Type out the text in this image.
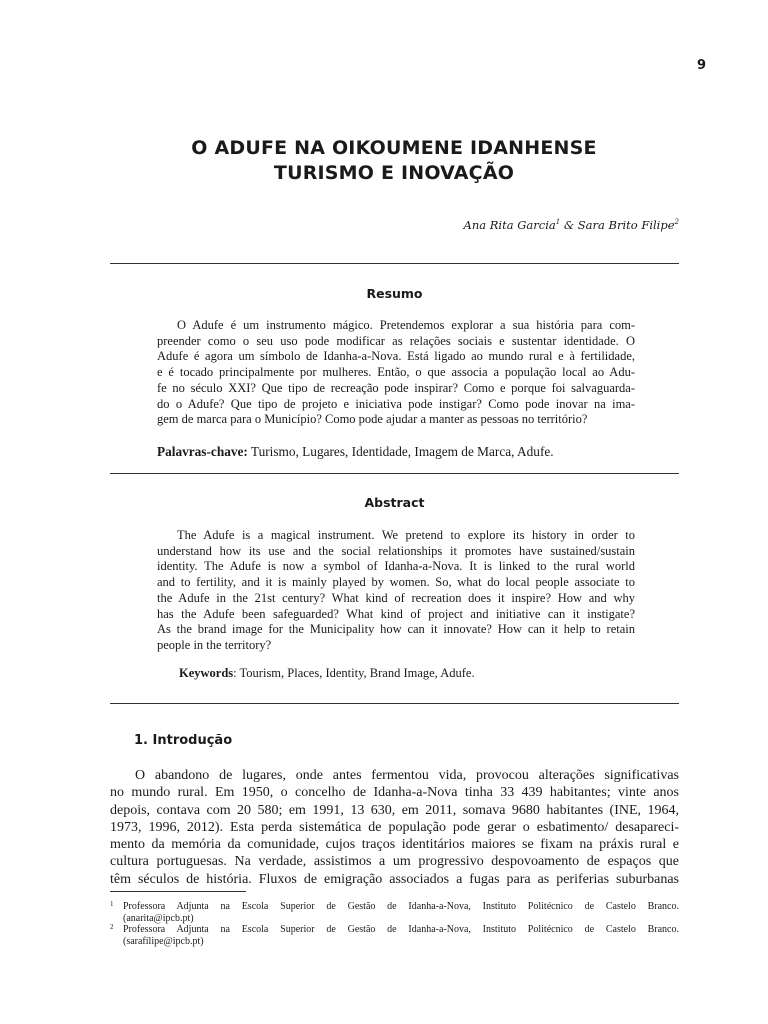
9
O ADUFE NA OIKOUMENE IDANHENSE
TURISMO E INOVAÇÃO
Ana Rita Garcia$^1$ & Sara Brito Filipe$^2$
Resumo
O Adufe é um instrumento mágico. Pretendemos explorar a sua história para com-
preender como o seu uso pode modificar as relações sociais e sustentar identidade. O
Adufe é agora um símbolo de Idanha-a-Nova. Está ligado ao mundo rural e à fertilidade,
e é tocado principalmente por mulheres. Então, o que associa a população local ao Adu-
fe no século XXI? Que tipo de recreação pode inspirar? Como e porque foi salvaguarda-
do o Adufe? Que tipo de projeto e iniciativa pode instigar? Como pode inovar na ima-
gem de marca para o Município? Como pode ajudar a manter as pessoas no território?
Palavras-chave: Turismo, Lugares, Identidade, Imagem de Marca, Adufe.
Abstract
The Adufe is a magical instrument. We pretend to explore its history in order to
understand how its use and the social relationships it promotes have sustained/sustain
identity. The Adufe is now a symbol of Idanha-a-Nova. It is linked to the rural world
and to fertility, and it is mainly played by women. So, what do local people associate to
the Adufe in the 21st century? What kind of recreation does it inspire? How and why
has the Adufe been safeguarded? What kind of project and initiative can it instigate?
As the brand image for the Municipality how can it innovate? How can it help to retain
people in the territory?
Keywords: Tourism, Places, Identity, Brand Image, Adufe.
1. Introdução
O abandono de lugares, onde antes fermentou vida, provocou alterações significativas
no mundo rural. Em 1950, o concelho de Idanha-a-Nova tinha 33 439 habitantes; vinte anos
depois, contava com 20 580; em 1991, 13 630, em 2011, somava 9680 habitantes (INE, 1964,
1973, 1996, 2012). Esta perda sistemática de população pode gerar o esbatimento/ desapareci-
mento da memória da comunidade, cujos traços identitários maiores se fixam na práxis rural e
cultura portuguesas. Na verdade, assistimos a um progressivo despovoamento de espaços que
têm séculos de história. Fluxos de emigração associados a fugas para as periferias suburbanas
1 Professora Adjunta na Escola Superior de Gestão de Idanha-a-Nova, Instituto Politécnico de Castelo Branco.
(anarita@ipcb.pt)
2 Professora Adjunta na Escola Superior de Gestão de Idanha-a-Nova, Instituto Politécnico de Castelo Branco.
(sarafilipe@ipcb.pt)
